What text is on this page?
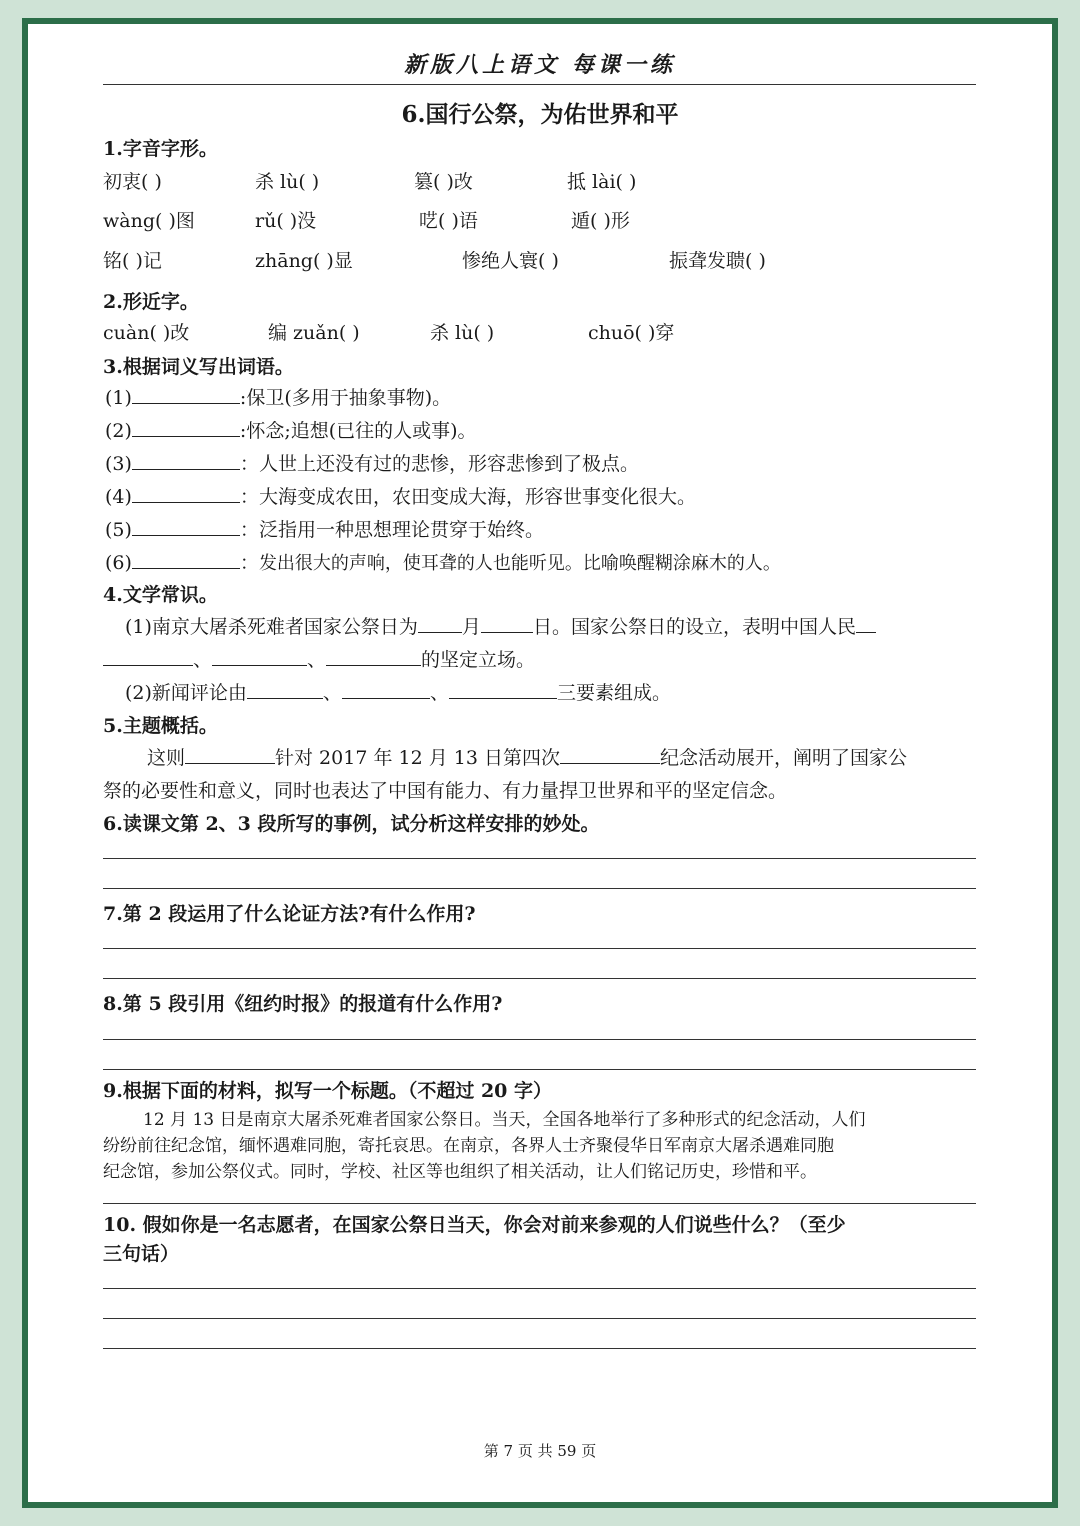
新版八上语文 每课一练
6.国行公祭，为佑世界和平
1.字音字形。
初衷( )	杀 lù( )	篡( )改	抵 lài( )
wàng( )图	rǔ( )没	呓( )语	遁( )形
铭( )记	zhāng( )显	惨绝人寰( )	振聋发聩( )
2.形近字。
cuàn( )改	编 zuǎn( )	杀 lù( )	chuō( )穿
3.根据词义写出词语。
(1)	:保卫(多用于抽象事物)。
(2)	:怀念;追想(已往的人或事)。
(3)	：人世上还没有过的悲惨，形容悲惨到了极点。
(4)	：大海变成农田，农田变成大海，形容世事变化很大。
(5)	：泛指用一种思想理论贯穿于始终。
(6)	：发出很大的声响，使耳聋的人也能听见。比喻唤醒糊涂麻木的人。
4.文学常识。
(1)南京大屠杀死难者国家公祭日为 月	日。国家公祭日的设立，表明中国人民
、	、	的坚定立场。
(2)新闻评论由	、	、	三要素组成。
5.主题概括。
这则	针对 2017 年 12 月 13 日第四次	纪念活动展开，阐明了国家公
祭的必要性和意义，同时也表达了中国有能力、有力量捍卫世界和平的坚定信念。
6.读课文第 2、3 段所写的事例，试分析这样安排的妙处。
7.第 2 段运用了什么论证方法?有什么作用?
8.第 5 段引用《纽约时报》的报道有什么作用?
9.根据下面的材料，拟写一个标题。（不超过 20 字）
12 月 13 日是南京大屠杀死难者国家公祭日。当天，全国各地举行了多种形式的纪念活动，人们
纷纷前往纪念馆，缅怀遇难同胞，寄托哀思。在南京，各界人士齐聚侵华日军南京大屠杀遇难同胞
纪念馆，参加公祭仪式。同时，学校、社区等也组织了相关活动，让人们铭记历史，珍惜和平。
10. 假如你是一名志愿者，在国家公祭日当天，你会对前来参观的人们说些什么？（至少
三句话）
第 7 页 共 59 页
